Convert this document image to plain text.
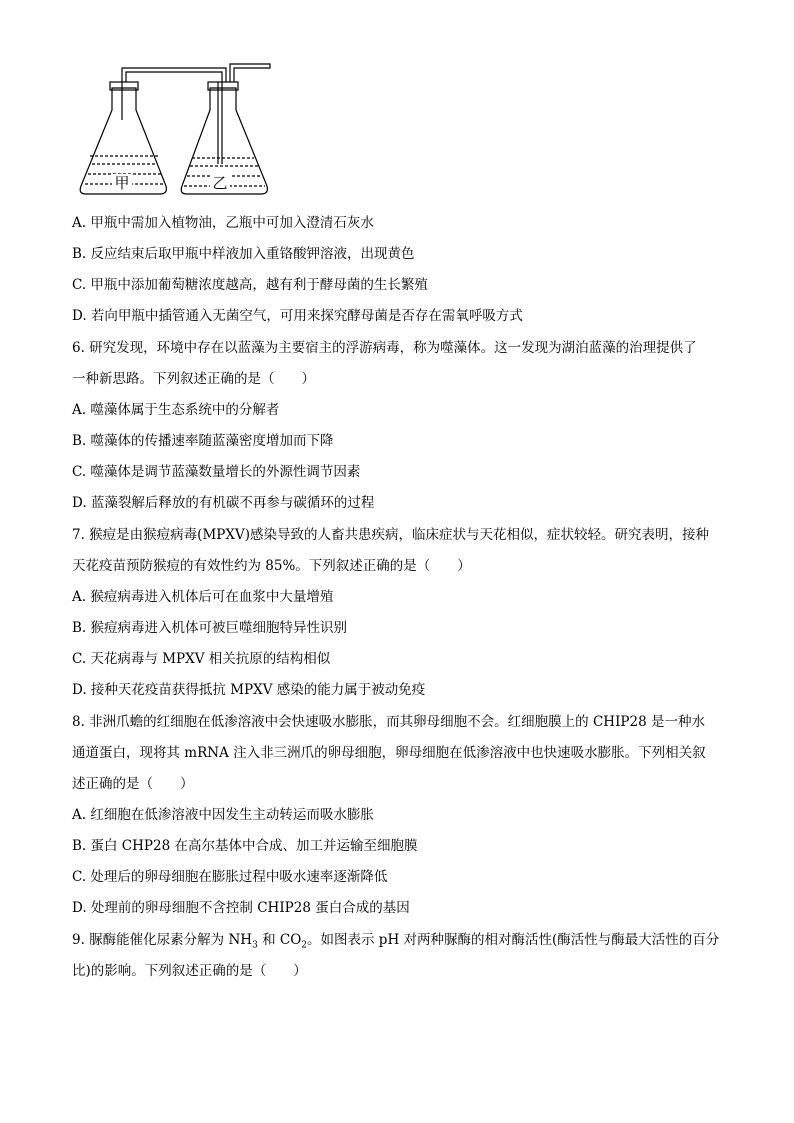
甲	乙
A. 甲瓶中需加入植物油，乙瓶中可加入澄清石灰水
B. 反应结束后取甲瓶中样液加入重铬酸钾溶液，出现黄色
C. 甲瓶中添加葡萄糖浓度越高，越有利于酵母菌的生长繁殖
D. 若向甲瓶中插管通入无菌空气，可用来探究酵母菌是否存在需氧呼吸方式
6. 研究发现，环境中存在以蓝藻为主要宿主的浮游病毒，称为噬藻体。这一发现为湖泊蓝藻的治理提供了
一种新思路。下列叙述正确的是（　　）
A. 噬藻体属于生态系统中的分解者
B. 噬藻体的传播速率随蓝藻密度增加而下降
C. 噬藻体是调节蓝藻数量增长的外源性调节因素
D. 蓝藻裂解后释放的有机碳不再参与碳循环的过程
7. 猴痘是由猴痘病毒(MPXV)感染导致的人畜共患疾病，临床症状与天花相似，症状较轻。研究表明，接种
天花疫苗预防猴痘的有效性约为 85%。下列叙述正确的是（　　）
A. 猴痘病毒进入机体后可在血浆中大量增殖
B. 猴痘病毒进入机体可被巨噬细胞特异性识别
C. 天花病毒与 MPXV 相关抗原的结构相似
D. 接种天花疫苗获得抵抗 MPXV 感染的能力属于被动免疫
8. 非洲爪蟾的红细胞在低渗溶液中会快速吸水膨胀，而其卵母细胞不会。红细胞膜上的 CHIP28 是一种水
通道蛋白，现将其 mRNA 注入非三洲爪的卵母细胞，卵母细胞在低渗溶液中也快速吸水膨胀。下列相关叙
述正确的是（　　）
A. 红细胞在低渗溶液中因发生主动转运而吸水膨胀
B. 蛋白 CHP28 在高尔基体中合成、加工并运输至细胞膜
C. 处理后的卵母细胞在膨胀过程中吸水速率逐渐降低
D. 处理前的卵母细胞不含控制 CHIP28 蛋白合成的基因
9. 脲酶能催化尿素分解为 $NH_3$ 和 $CO_2$。如图表示 pH 对两种脲酶的相对酶活性(酶活性与酶最大活性的百分
比)的影响。下列叙述正确的是（　　）
